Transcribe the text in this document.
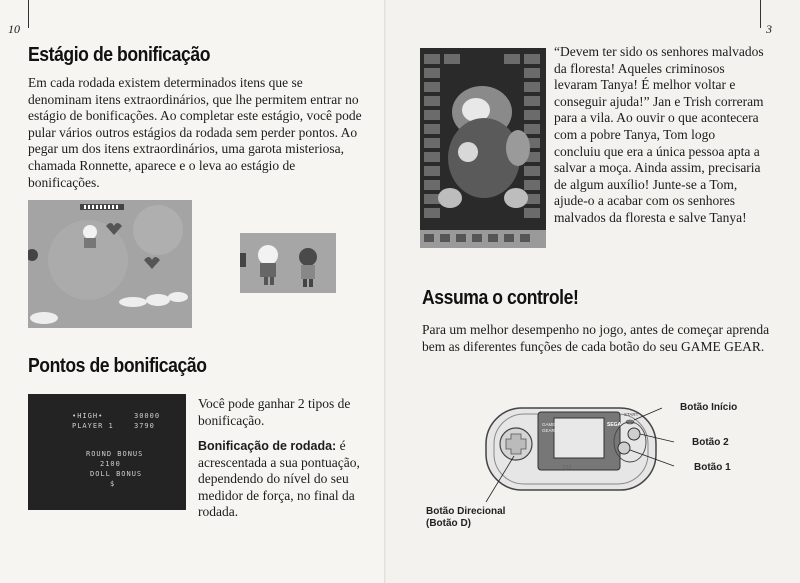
10
Estágio de bonificação

Em cada rodada existem determinados itens que se denominam itens extraordinários, que lhe permitem entrar no estágio de bonificações. Ao completar este estágio, você pode pular vários outros estágios da rodada sem perder pontos. Ao pegar um dos itens extraordinários, uma garota misteriosa, chamada Ronnette, aparece e o leva ao estágio de bonificações.

Pontos de bonificação
•HIGH•	30000
PLAYER 1	3790
ROUND BONUS
2100
DOLL BONUS
$

Você pode ganhar 2 tipos de bonificação.

Bonificação de rodada: é acrescentada a sua pontuação, dependendo do nível do seu medidor de força, no final da rodada.

3

“Devem ter sido os senhores malvados da floresta! Aqueles criminosos levaram Tanya! É melhor voltar e conseguir ajuda!” Jan e Trish correram para a vila. Ao ouvir o que acontecera com a pobre Tanya, Tom logo concluiu que era a única pessoa apta a salvar a moça. Ainda assim, precisaria de algum auxílio! Junte-se a Tom, ajude-o a acabar com os senhores malvados da floresta e salve Tanya!

Assuma o controle!

Para um melhor desempenho no jogo, antes de começar aprenda bem as diferentes funções de cada botão do seu GAME GEAR.

GAME
GEAR
SEGA
START
Botão Início
Botão 2
Botão 1
Botão Direcional
(Botão D)
